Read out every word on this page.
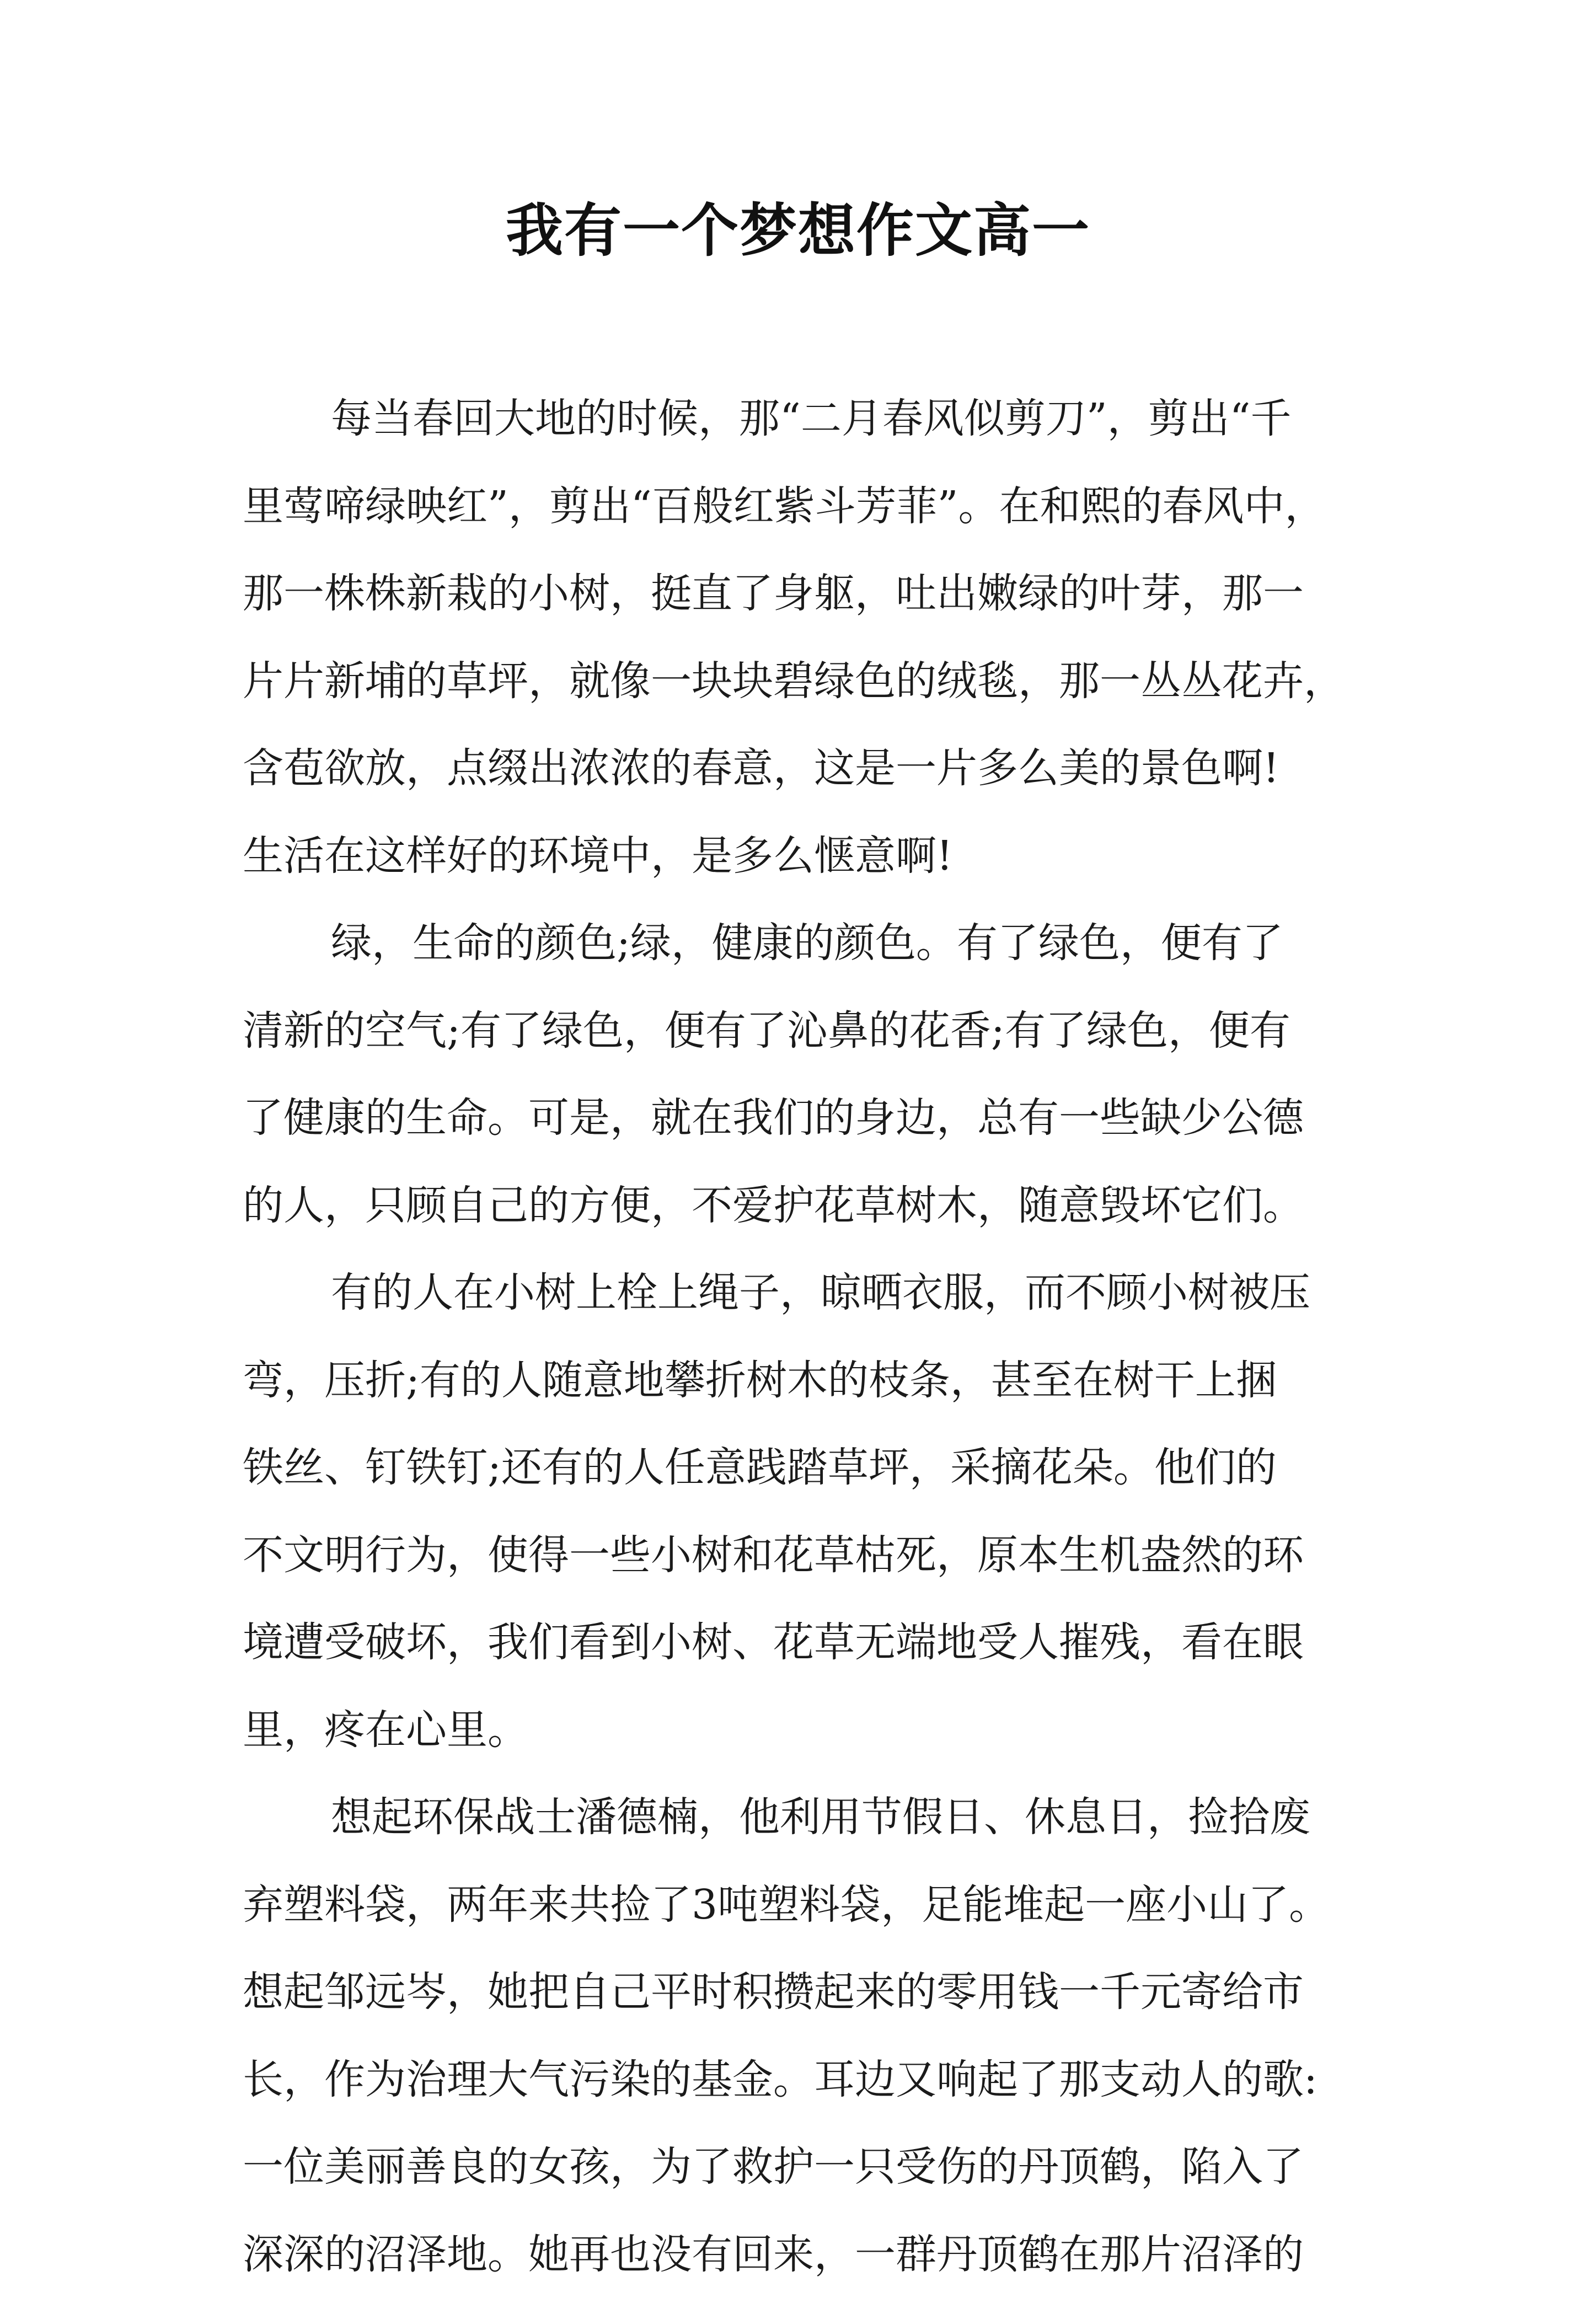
我有一个梦想作文高一
每当春回大地的时候，那“二月春风似剪刀”，剪出“千
里莺啼绿映红”，剪出“百般红紫斗芳菲”。在和熙的春风中，
那一株株新栽的小树，挺直了身躯，吐出嫩绿的叶芽，那一
片片新埔的草坪，就像一块块碧绿色的绒毯，那一丛丛花卉，
含苞欲放，点缀出浓浓的春意，这是一片多么美的景色啊!
生活在这样好的环境中，是多么惬意啊!
绿，生命的颜色;绿，健康的颜色。有了绿色，便有了
清新的空气;有了绿色，便有了沁鼻的花香;有了绿色，便有
了健康的生命。可是，就在我们的身边，总有一些缺少公德
的人，只顾自己的方便，不爱护花草树木，随意毁坏它们。
有的人在小树上栓上绳子，晾晒衣服，而不顾小树被压
弯，压折;有的人随意地攀折树木的枝条，甚至在树干上捆
铁丝、钉铁钉;还有的人任意践踏草坪，采摘花朵。他们的
不文明行为，使得一些小树和花草枯死，原本生机盎然的环
境遭受破坏，我们看到小树、花草无端地受人摧残，看在眼
里，疼在心里。
想起环保战士潘德楠，他利用节假日、休息日，捡拾废
弃塑料袋，两年来共捡了3吨塑料袋，足能堆起一座小山了。
想起邹远岑，她把自己平时积攒起来的零用钱一千元寄给市
长，作为治理大气污染的基金。耳边又响起了那支动人的歌:
一位美丽善良的女孩，为了救护一只受伤的丹顶鹤，陷入了
深深的沼泽地。她再也没有回来，一群丹顶鹤在那片沼泽的
